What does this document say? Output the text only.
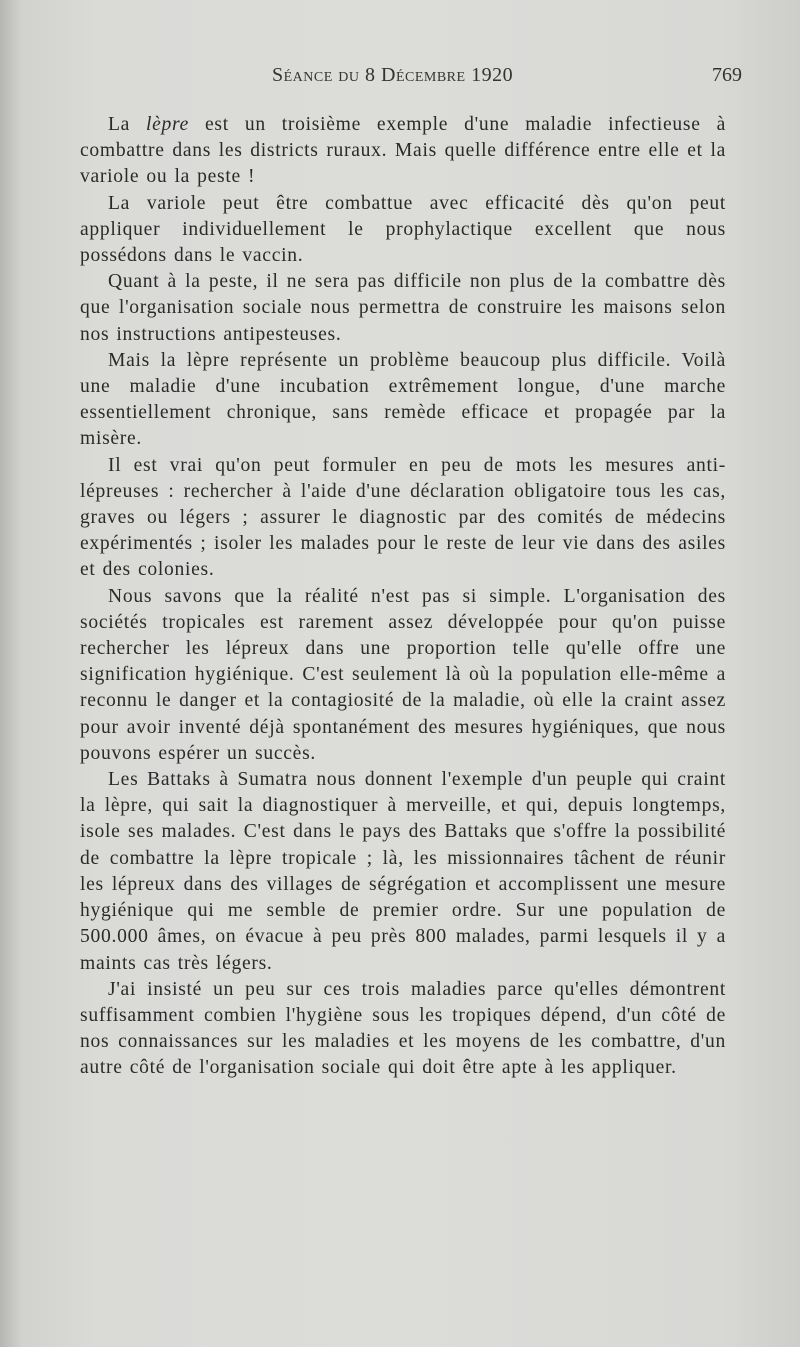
Séance du 8 Décembre 1920	769

La lèpre est un troisième exemple d'une maladie infectieuse à combattre dans les districts ruraux. Mais quelle différence entre elle et la variole ou la peste !

La variole peut être combattue avec efficacité dès qu'on peut appliquer individuellement le prophylactique excellent que nous possédons dans le vaccin.

Quant à la peste, il ne sera pas difficile non plus de la combattre dès que l'organisation sociale nous permettra de construire les maisons selon nos instructions antipesteuses.

Mais la lèpre représente un problème beaucoup plus difficile. Voilà une maladie d'une incubation extrêmement longue, d'une marche essentiellement chronique, sans remède efficace et propagée par la misère.

Il est vrai qu'on peut formuler en peu de mots les mesures anti-lépreuses : rechercher à l'aide d'une déclaration obligatoire tous les cas, graves ou légers ; assurer le diagnostic par des comités de médecins expérimentés ; isoler les malades pour le reste de leur vie dans des asiles et des colonies.

Nous savons que la réalité n'est pas si simple. L'organisation des sociétés tropicales est rarement assez développée pour qu'on puisse rechercher les lépreux dans une proportion telle qu'elle offre une signification hygiénique. C'est seulement là où la population elle-même a reconnu le danger et la contagiosité de la maladie, où elle la craint assez pour avoir inventé déjà spontanément des mesures hygiéniques, que nous pouvons espérer un succès.

Les Battaks à Sumatra nous donnent l'exemple d'un peuple qui craint la lèpre, qui sait la diagnostiquer à merveille, et qui, depuis longtemps, isole ses malades. C'est dans le pays des Battaks que s'offre la possibilité de combattre la lèpre tropicale ; là, les missionnaires tâchent de réunir les lépreux dans des villages de ségrégation et accomplissent une mesure hygiénique qui me semble de premier ordre. Sur une population de 500.000 âmes, on évacue à peu près 800 malades, parmi lesquels il y a maints cas très légers.

J'ai insisté un peu sur ces trois maladies parce qu'elles démontrent suffisamment combien l'hygiène sous les tropiques dépend, d'un côté de nos connaissances sur les maladies et les moyens de les combattre, d'un autre côté de l'organisation sociale qui doit être apte à les appliquer.
